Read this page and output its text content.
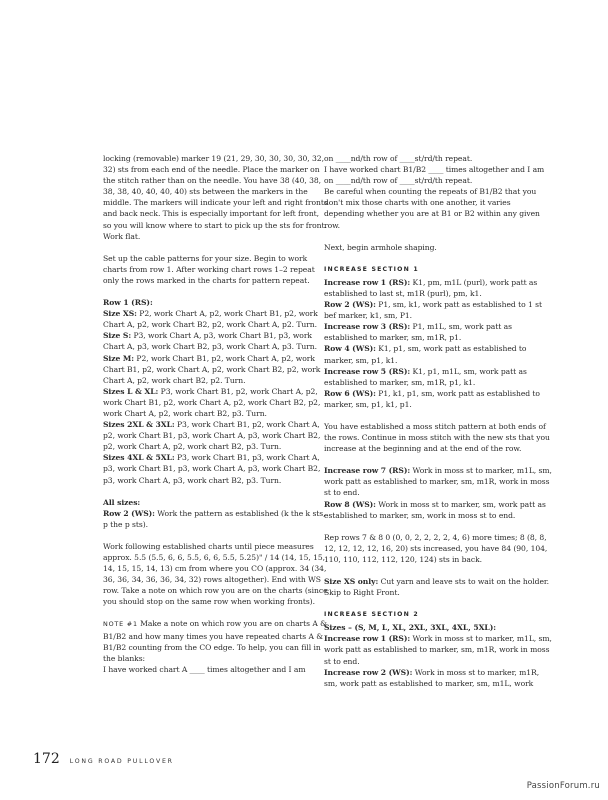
locking (removable) marker 19 (21, 29, 30, 30, 30, 30, 32, 32) sts from each end of the needle. Place the marker on the stitch rather than on the needle. You have 38 (40, 38, 38, 38, 40, 40, 40, 40) sts between the markers in the middle. The markers will indicate your left and right fronts and back neck. This is especially important for left front, so you will know where to start to pick up the sts for front.
Work flat.

Set up the cable patterns for your size. Begin to work charts from row 1. After working chart rows 1–2 repeat only the rows marked in the charts for pattern repeat.

Row 1 (RS):
Size XS: P2, work Chart A, p2, work Chart B1, p2, work Chart A, p2, work Chart B2, p2, work Chart A, p2. Turn.
Size S: P3, work Chart A, p3, work Chart B1, p3, work Chart A, p3, work Chart B2, p3, work Chart A, p3. Turn.
Size M: P2, work Chart B1, p2, work Chart A, p2, work Chart B1, p2, work Chart A, p2, work Chart B2, p2, work Chart A, p2, work chart B2, p2. Turn.
Sizes L & XL: P3, work Chart B1, p2, work Chart A, p2, work Chart B1, p2, work Chart A, p2, work Chart B2, p2, work Chart A, p2, work chart B2, p3. Turn.
Sizes 2XL & 3XL: P3, work Chart B1, p2, work Chart A, p2, work Chart B1, p3, work Chart A, p3, work Chart B2, p2, work Chart A, p2, work chart B2, p3. Turn.
Sizes 4XL & 5XL: P3, work Chart B1, p3, work Chart A, p3, work Chart B1, p3, work Chart A, p3, work Chart B2, p3, work Chart A, p3, work chart B2, p3. Turn.

All sizes:
Row 2 (WS): Work the pattern as established (k the k sts, p the p sts).

Work following established charts until piece measures approx. 5.5 (5.5, 6, 6, 5.5, 6, 6, 5.5, 5.25)" / 14 (14, 15, 15, 14, 15, 15, 14, 13) cm from where you CO (approx. 34 (34, 36, 36, 34, 36, 36, 34, 32) rows altogether). End with WS row. Take a note on which row you are on the charts (since you should stop on the same row when working fronts).

NOTE #1 Make a note on which row you are on charts A & B1/B2 and how many times you have repeated charts A & B1/B2 counting from the CO edge. To help, you can fill in the blanks:
I have worked chart A ____ times altogether and I am

on ____nd/th row of ____st/rd/th repeat.
I have worked chart B1/B2 ____ times altogether and I am on ____nd/th row of ____st/rd/th repeat.
Be careful when counting the repeats of B1/B2 that you don't mix those charts with one another, it varies depending whether you are at B1 or B2 within any given row.

Next, begin armhole shaping.

INCREASE SECTION 1

Increase row 1 (RS): K1, pm, m1L (purl), work patt as established to last st, m1R (purl), pm, k1.
Row 2 (WS): P1, sm, k1, work patt as established to 1 st bef marker, k1, sm, P1.
Increase row 3 (RS): P1, m1L, sm, work patt as established to marker, sm, m1R, p1.
Row 4 (WS): K1, p1, sm, work patt as established to marker, sm, p1, k1.
Increase row 5 (RS): K1, p1, m1L, sm, work patt as established to marker, sm, m1R, p1, k1.
Row 6 (WS): P1, k1, p1, sm, work patt as established to marker, sm, p1, k1, p1.

You have established a moss stitch pattern at both ends of the rows. Continue in moss stitch with the new sts that you increase at the beginning and at the end of the row.

Increase row 7 (RS): Work in moss st to marker, m1L, sm, work patt as established to marker, sm, m1R, work in moss st to end.
Row 8 (WS): Work in moss st to marker, sm, work patt as established to marker, sm, work in moss st to end.

Rep rows 7 & 8 0 (0, 0, 2, 2, 2, 2, 4, 6) more times; 8 (8, 8, 12, 12, 12, 12, 16, 20) sts increased, you have 84 (90, 104, 110, 110, 112, 112, 120, 124) sts in back.

Size XS only: Cut yarn and leave sts to wait on the holder. Skip to Right Front.

INCREASE SECTION 2

Sizes – (S, M, L, XL, 2XL, 3XL, 4XL, 5XL):
Increase row 1 (RS): Work in moss st to marker, m1L, sm, work patt as established to marker, sm, m1R, work in moss st to end.
Increase row 2 (WS): Work in moss st to marker, m1R, sm, work patt as established to marker, sm, m1L, work

172 LONG ROAD PULLOVER
PassionForum.ru
